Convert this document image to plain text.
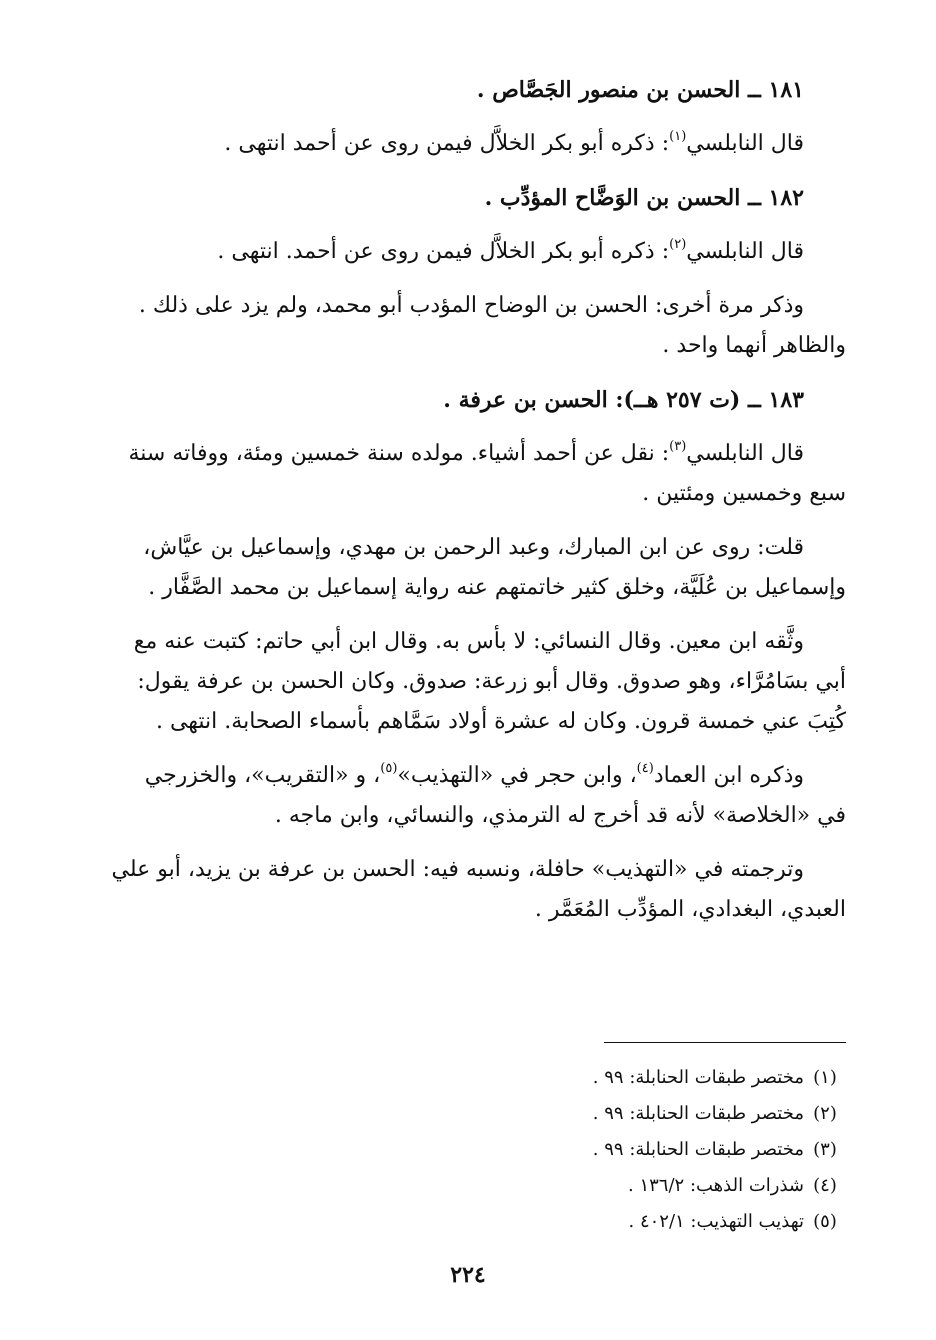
١٨١ ــ الحسن بن منصور الجَصَّاص .
قال النابلسي$^{(١)}$: ذكره أبو بكر الخلاَّل فيمن روى عن أحمد انتهى .
١٨٢ ــ الحسن بن الوَضَّاح المؤدِّب .
قال النابلسي$^{(٢)}$: ذكره أبو بكر الخلاَّل فيمن روى عن أحمد. انتهى .
وذكر مرة أخرى: الحسن بن الوضاح المؤدب أبو محمد، ولم يزد على ذلك .
والظاهر أنهما واحد .
١٨٣ ــ (ت ٢٥٧ هــ): الحسن بن عرفة .
قال النابلسي$^{(٣)}$: نقل عن أحمد أشياء. مولده سنة خمسين ومئة، ووفاته سنة
سبع وخمسين ومئتين .
قلت: روى عن ابن المبارك، وعبد الرحمن بن مهدي، وإسماعيل بن عيَّاش،
وإسماعيل بن عُلَيَّة، وخلق كثير خاتمتهم عنه رواية إسماعيل بن محمد الصَّفَّار .
وثَّقه ابن معين. وقال النسائي: لا بأس به. وقال ابن أبي حاتم: كتبت عنه مع
أبي بسَامُرَّاء، وهو صدوق. وقال أبو زرعة: صدوق. وكان الحسن بن عرفة يقول:
كُتِبَ عني خمسة قرون. وكان له عشرة أولاد سَمَّاهم بأسماء الصحابة. انتهى .
وذكره ابن العماد$^{(٤)}$، وابن حجر في «التهذيب»$^{(٥)}$، و «التقريب»، والخزرجي
في «الخلاصة» لأنه قد أخرج له الترمذي، والنسائي، وابن ماجه .
وترجمته في «التهذيب» حافلة، ونسبه فيه: الحسن بن عرفة بن يزيد، أبو علي
العبدي، البغدادي، المؤدِّب المُعَمَّر .
(١)مختصر طبقات الحنابلة: ٩٩ .
(٢)مختصر طبقات الحنابلة: ٩٩ .
(٣)مختصر طبقات الحنابلة: ٩٩ .
(٤)شذرات الذهب: ١٣٦/٢ .
(٥)تهذيب التهذيب: ٤٠٢/١ .
٢٢٤
